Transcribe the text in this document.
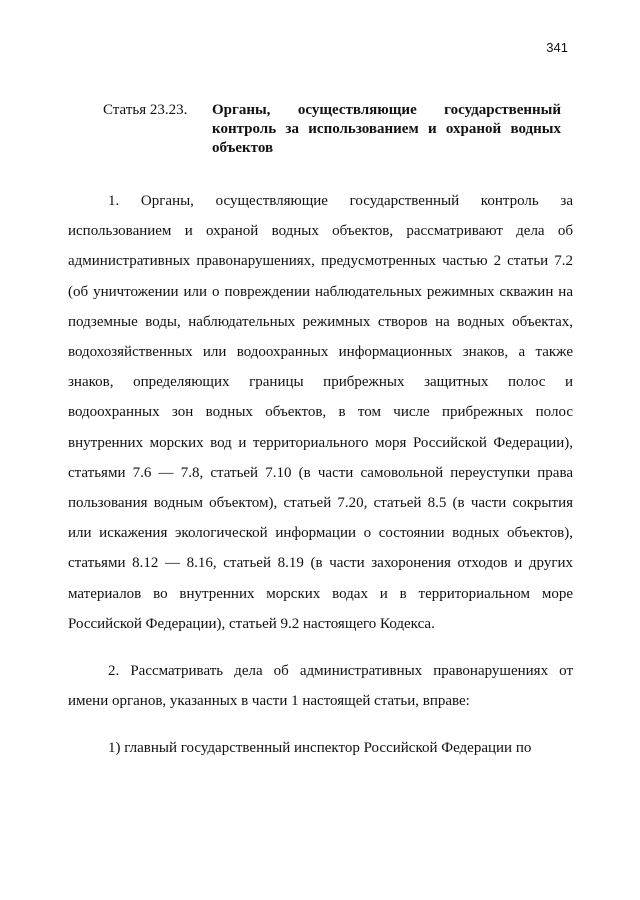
341
Статья 23.23. Органы, осуществляющие государственный контроль за использованием и охраной водных объектов

1. Органы, осуществляющие государственный контроль за использованием и охраной водных объектов, рассматривают дела об административных правонарушениях, предусмотренных частью 2 статьи 7.2 (об уничтожении или о повреждении наблюдательных режимных скважин на подземные воды, наблюдательных режимных створов на водных объектах, водохозяйственных или водоохранных информационных знаков, а также знаков, определяющих границы прибрежных защитных полос и водоохранных зон водных объектов, в том числе прибрежных полос внутренних морских вод и территориального моря Российской Федерации), статьями 7.6 — 7.8, статьей 7.10 (в части самовольной переуступки права пользования водным объектом), статьей 7.20, статьей 8.5 (в части сокрытия или искажения экологической информации о состоянии водных объектов), статьями 8.12 — 8.16, статьей 8.19 (в части захоронения отходов и других материалов во внутренних морских водах и в территориальном море Российской Федерации), статьей 9.2 настоящего Кодекса.

2. Рассматривать дела об административных правонарушениях от имени органов, указанных в части 1 настоящей статьи, вправе:

1) главный государственный инспектор Российской Федерации по
